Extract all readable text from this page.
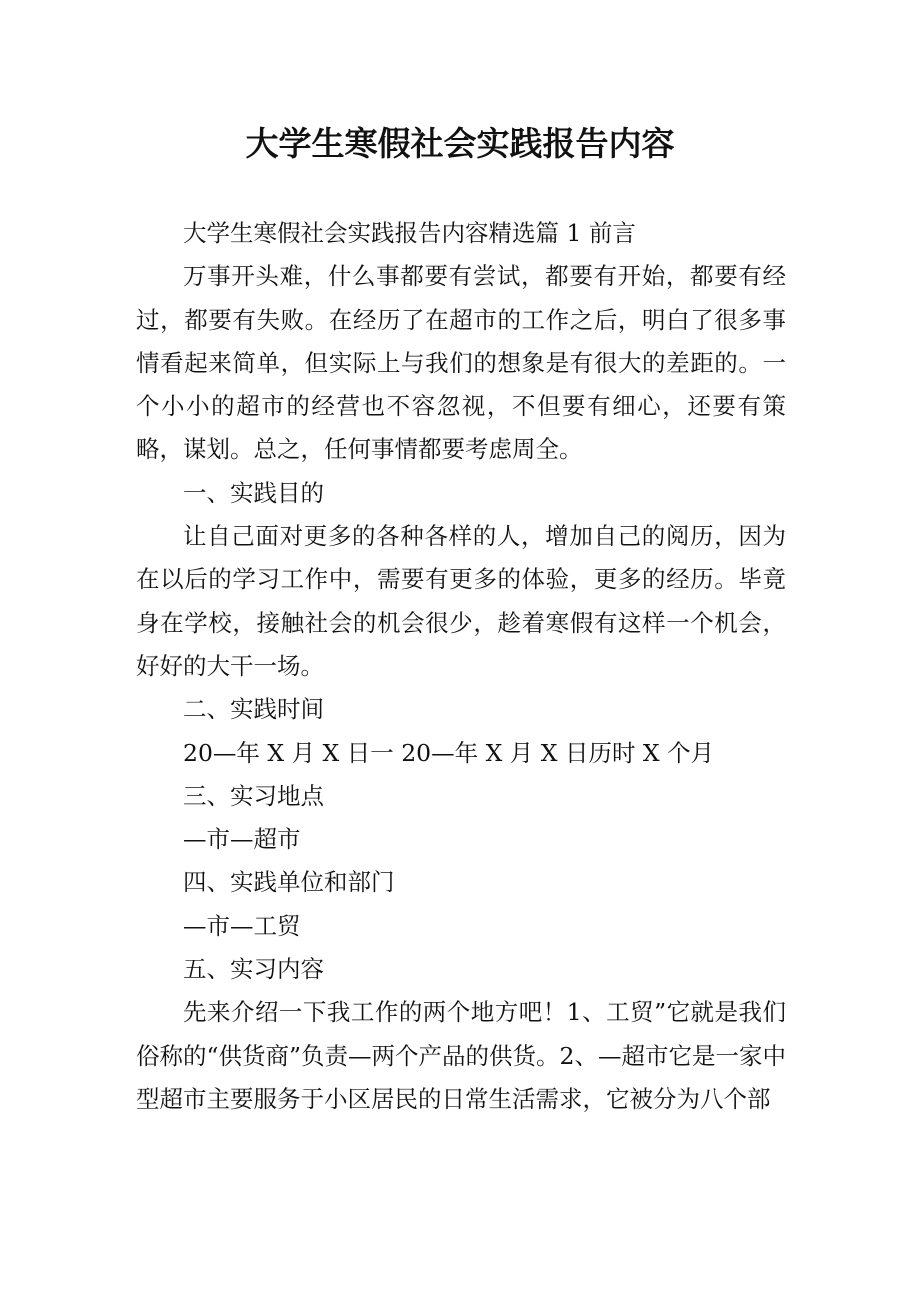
大学生寒假社会实践报告内容

大学生寒假社会实践报告内容精选篇 1 前言

万事开头难，什么事都要有尝试，都要有开始，都要有经过，都要有失败。在经历了在超市的工作之后，明白了很多事情看起来简单，但实际上与我们的想象是有很大的差距的。一个小小的超市的经营也不容忽视，不但要有细心，还要有策略，谋划。总之，任何事情都要考虑周全。

一、实践目的

让自己面对更多的各种各样的人，增加自己的阅历，因为在以后的学习工作中，需要有更多的体验，更多的经历。毕竟身在学校，接触社会的机会很少，趁着寒假有这样一个机会，好好的大干一场。

二、实践时间

20—年 X 月 X 日一 20—年 X 月 X 日历时 X 个月

三、实习地点

—市—超市

四、实践单位和部门

—市—工贸

五、实习内容

先来介绍一下我工作的两个地方吧！1、工贸”它就是我们俗称的“供货商”负责—两个产品的供货。2、—超市它是一家中型超市主要服务于小区居民的日常生活需求，它被分为八个部
